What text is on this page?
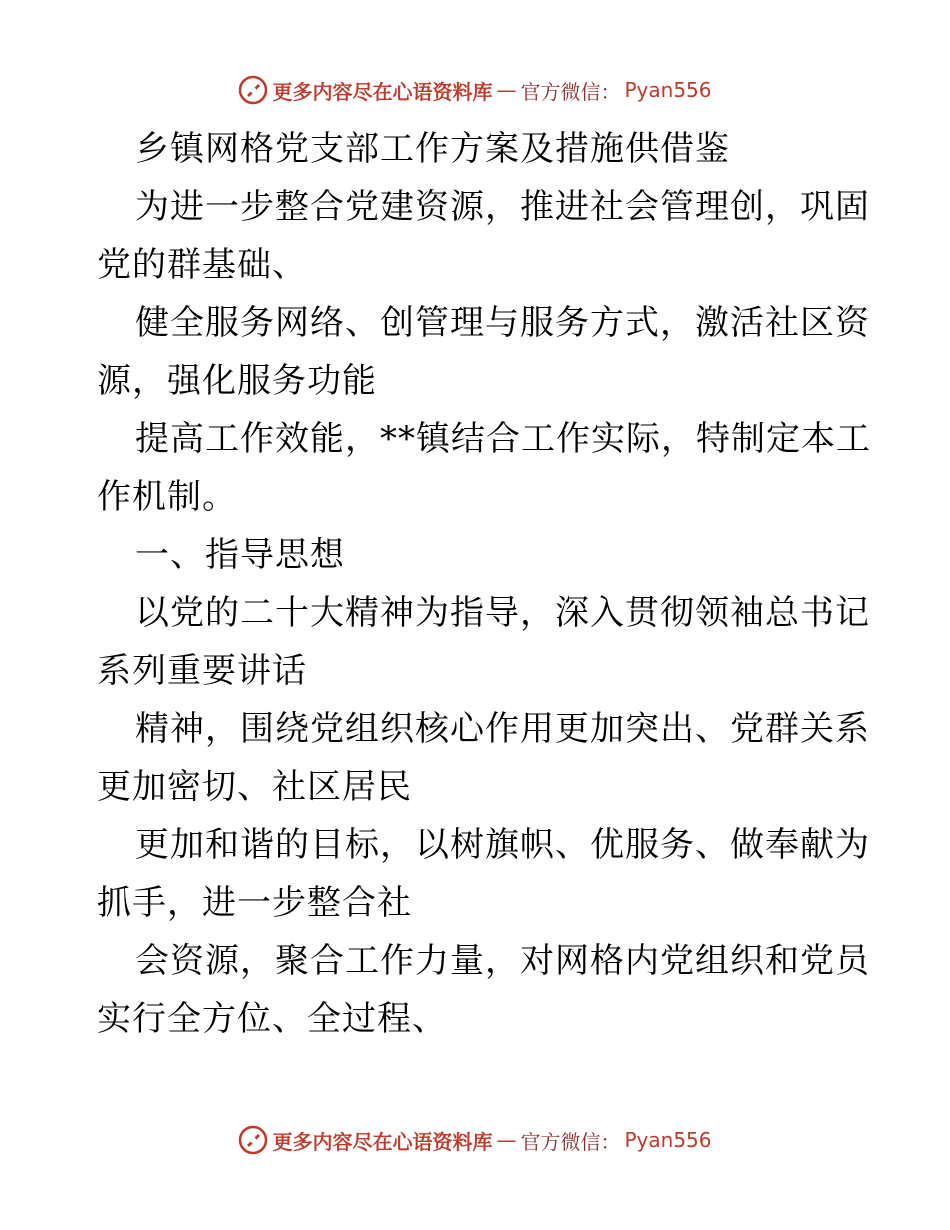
更多内容尽在心语资料库 — 官方微信： Pyan556
乡镇网格党支部工作方案及措施供借鉴
为进一步整合党建资源，推进社会管理创，巩固
党的群基础、
健全服务网络、创管理与服务方式，激活社区资
源，强化服务功能
提高工作效能，**镇结合工作实际，特制定本工
作机制。
一、指导思想
以党的二十大精神为指导，深入贯彻领袖总书记
系列重要讲话
精神，围绕党组织核心作用更加突出、党群关系
更加密切、社区居民
更加和谐的目标，以树旗帜、优服务、做奉献为
抓手，进一步整合社
会资源，聚合工作力量，对网格内党组织和党员
实行全方位、全过程、
更多内容尽在心语资料库 — 官方微信： Pyan556
